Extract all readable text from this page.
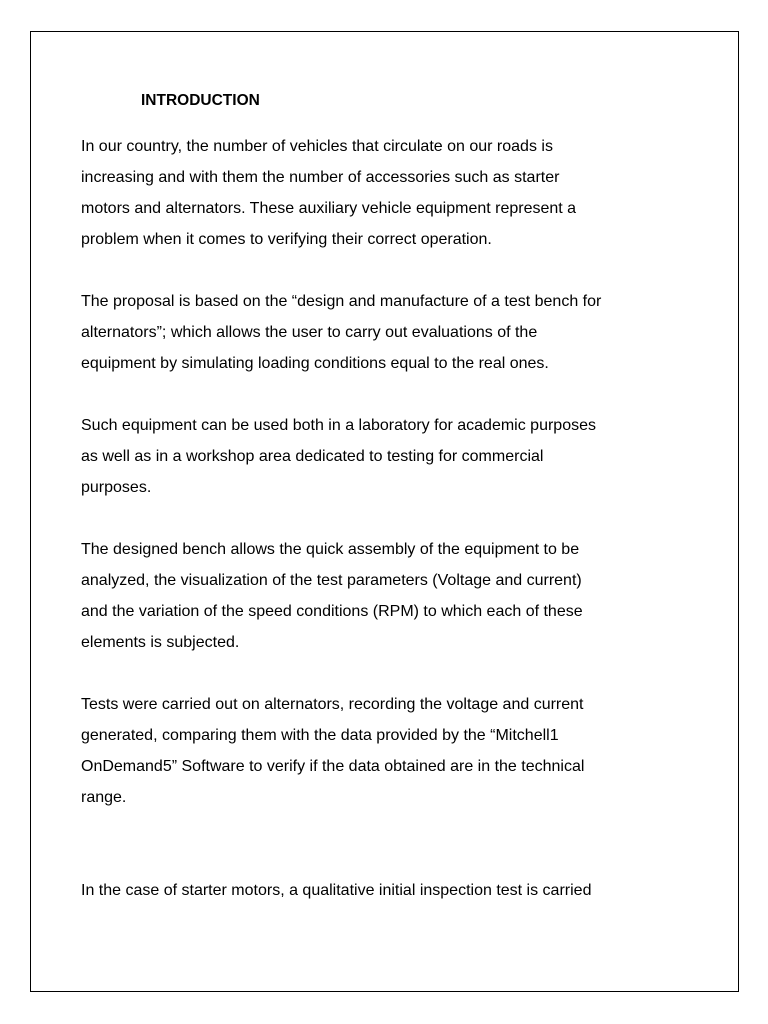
INTRODUCTION

In our country, the number of vehicles that circulate on our roads is
increasing and with them the number of accessories such as starter
motors and alternators. These auxiliary vehicle equipment represent a
problem when it comes to verifying their correct operation.

The proposal is based on the “design and manufacture of a test bench for
alternators”; which allows the user to carry out evaluations of the
equipment by simulating loading conditions equal to the real ones.

Such equipment can be used both in a laboratory for academic purposes
as well as in a workshop area dedicated to testing for commercial
purposes.

The designed bench allows the quick assembly of the equipment to be
analyzed, the visualization of the test parameters (Voltage and current)
and the variation of the speed conditions (RPM) to which each of these
elements is subjected.

Tests were carried out on alternators, recording the voltage and current
generated, comparing them with the data provided by the “Mitchell1
OnDemand5” Software to verify if the data obtained are in the technical
range.

In the case of starter motors, a qualitative initial inspection test is carried
